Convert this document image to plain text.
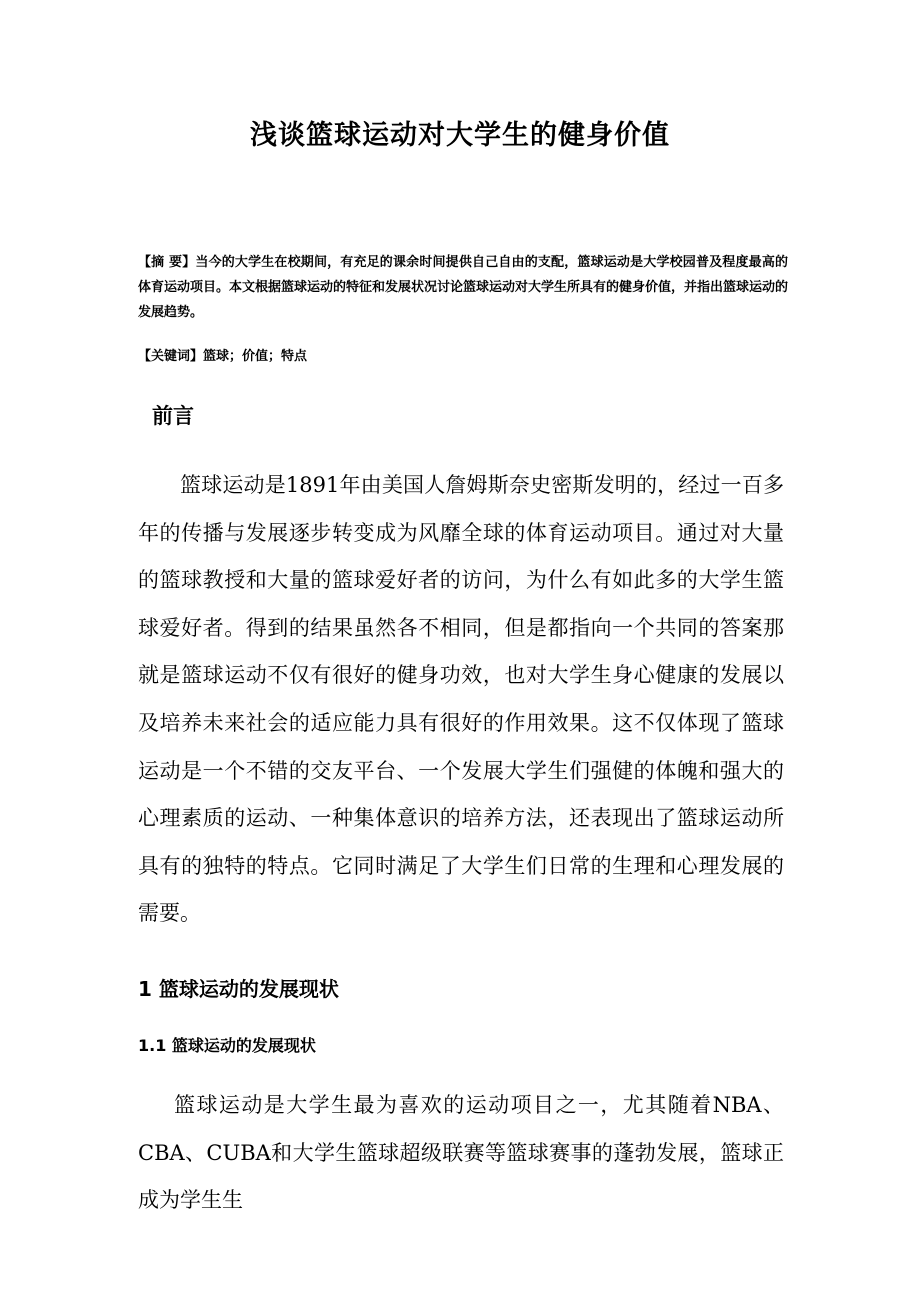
浅谈篮球运动对大学生的健身价值
【摘 要】当今的大学生在校期间，有充足的课余时间提供自己自由的支配，篮球运动是大学校园普及程度最高的体育运动项目。本文根据篮球运动的特征和发展状况讨论篮球运动对大学生所具有的健身价值，并指出篮球运动的发展趋势。
【关键词】篮球；价值；特点
前言
篮球运动是1891年由美国人詹姆斯奈史密斯发明的，经过一百多年的传播与发展逐步转变成为风靡全球的体育运动项目。通过对大量的篮球教授和大量的篮球爱好者的访问，为什么有如此多的大学生篮球爱好者。得到的结果虽然各不相同，但是都指向一个共同的答案那就是篮球运动不仅有很好的健身功效，也对大学生身心健康的发展以及培养未来社会的适应能力具有很好的作用效果。这不仅体现了篮球运动是一个不错的交友平台、一个发展大学生们强健的体魄和强大的心理素质的运动、一种集体意识的培养方法，还表现出了篮球运动所具有的独特的特点。它同时满足了大学生们日常的生理和心理发展的需要。
1 篮球运动的发展现状
1.1 篮球运动的发展现状
篮球运动是大学生最为喜欢的运动项目之一，尤其随着NBA、CBA、CUBA和大学生篮球超级联赛等篮球赛事的蓬勃发展，篮球正成为学生生
